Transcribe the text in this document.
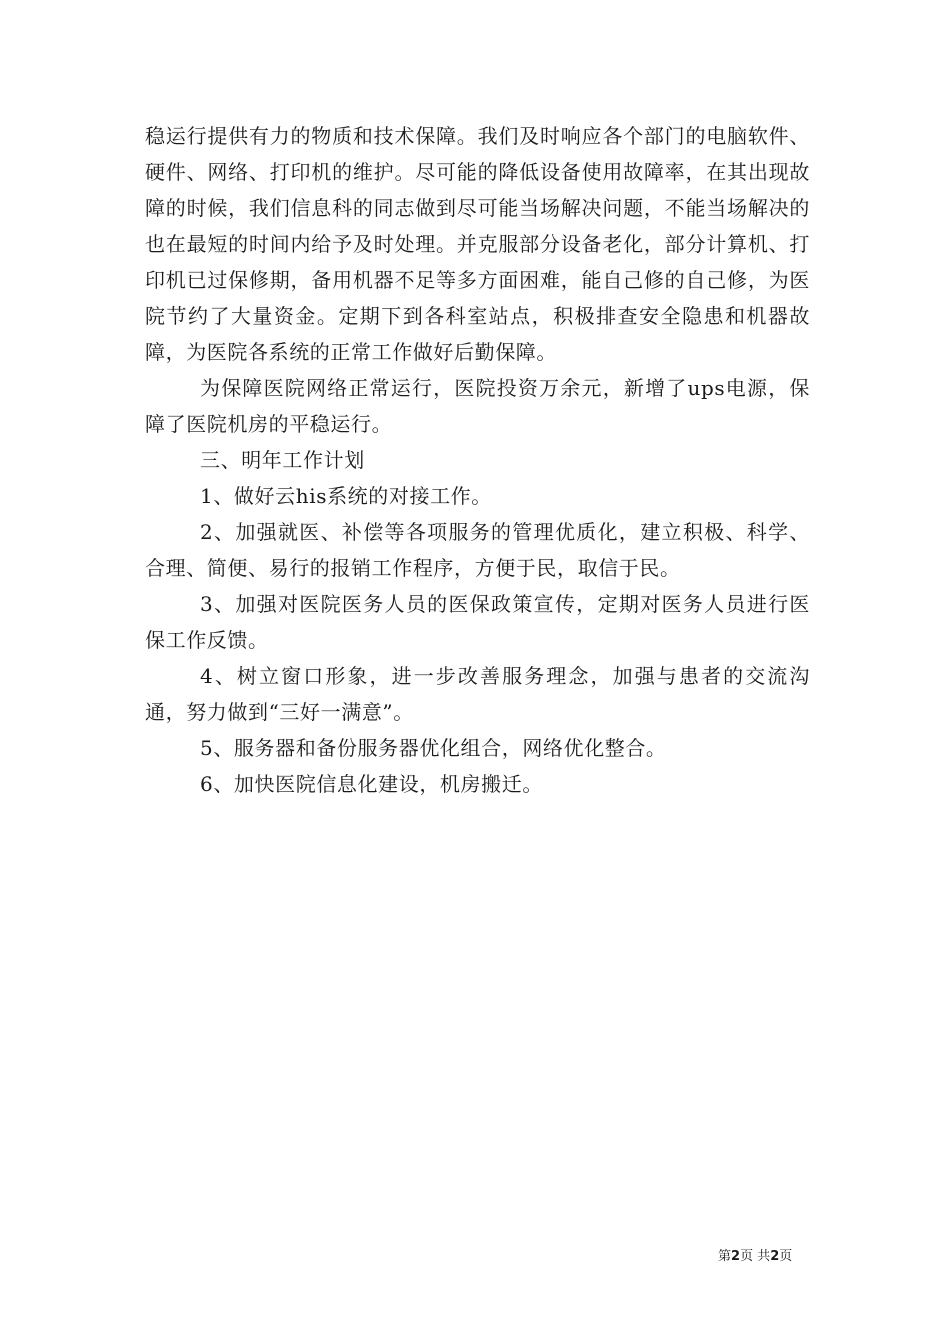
稳运行提供有力的物质和技术保障。我们及时响应各个部门的电脑软件、硬件、网络、打印机的维护。尽可能的降低设备使用故障率，在其出现故障的时候，我们信息科的同志做到尽可能当场解决问题，不能当场解决的也在最短的时间内给予及时处理。并克服部分设备老化，部分计算机、打印机已过保修期，备用机器不足等多方面困难，能自己修的自己修，为医院节约了大量资金。定期下到各科室站点，积极排查安全隐患和机器故障，为医院各系统的正常工作做好后勤保障。

为保障医院网络正常运行，医院投资万余元，新增了ups电源，保障了医院机房的平稳运行。

三、明年工作计划

1、做好云his系统的对接工作。

2、加强就医、补偿等各项服务的管理优质化，建立积极、科学、合理、简便、易行的报销工作程序，方便于民，取信于民。

3、加强对医院医务人员的医保政策宣传，定期对医务人员进行医保工作反馈。

4、树立窗口形象，进一步改善服务理念，加强与患者的交流沟通，努力做到“三好一满意”。

5、服务器和备份服务器优化组合，网络优化整合。

6、加快医院信息化建设，机房搬迁。

第2页 共2页
